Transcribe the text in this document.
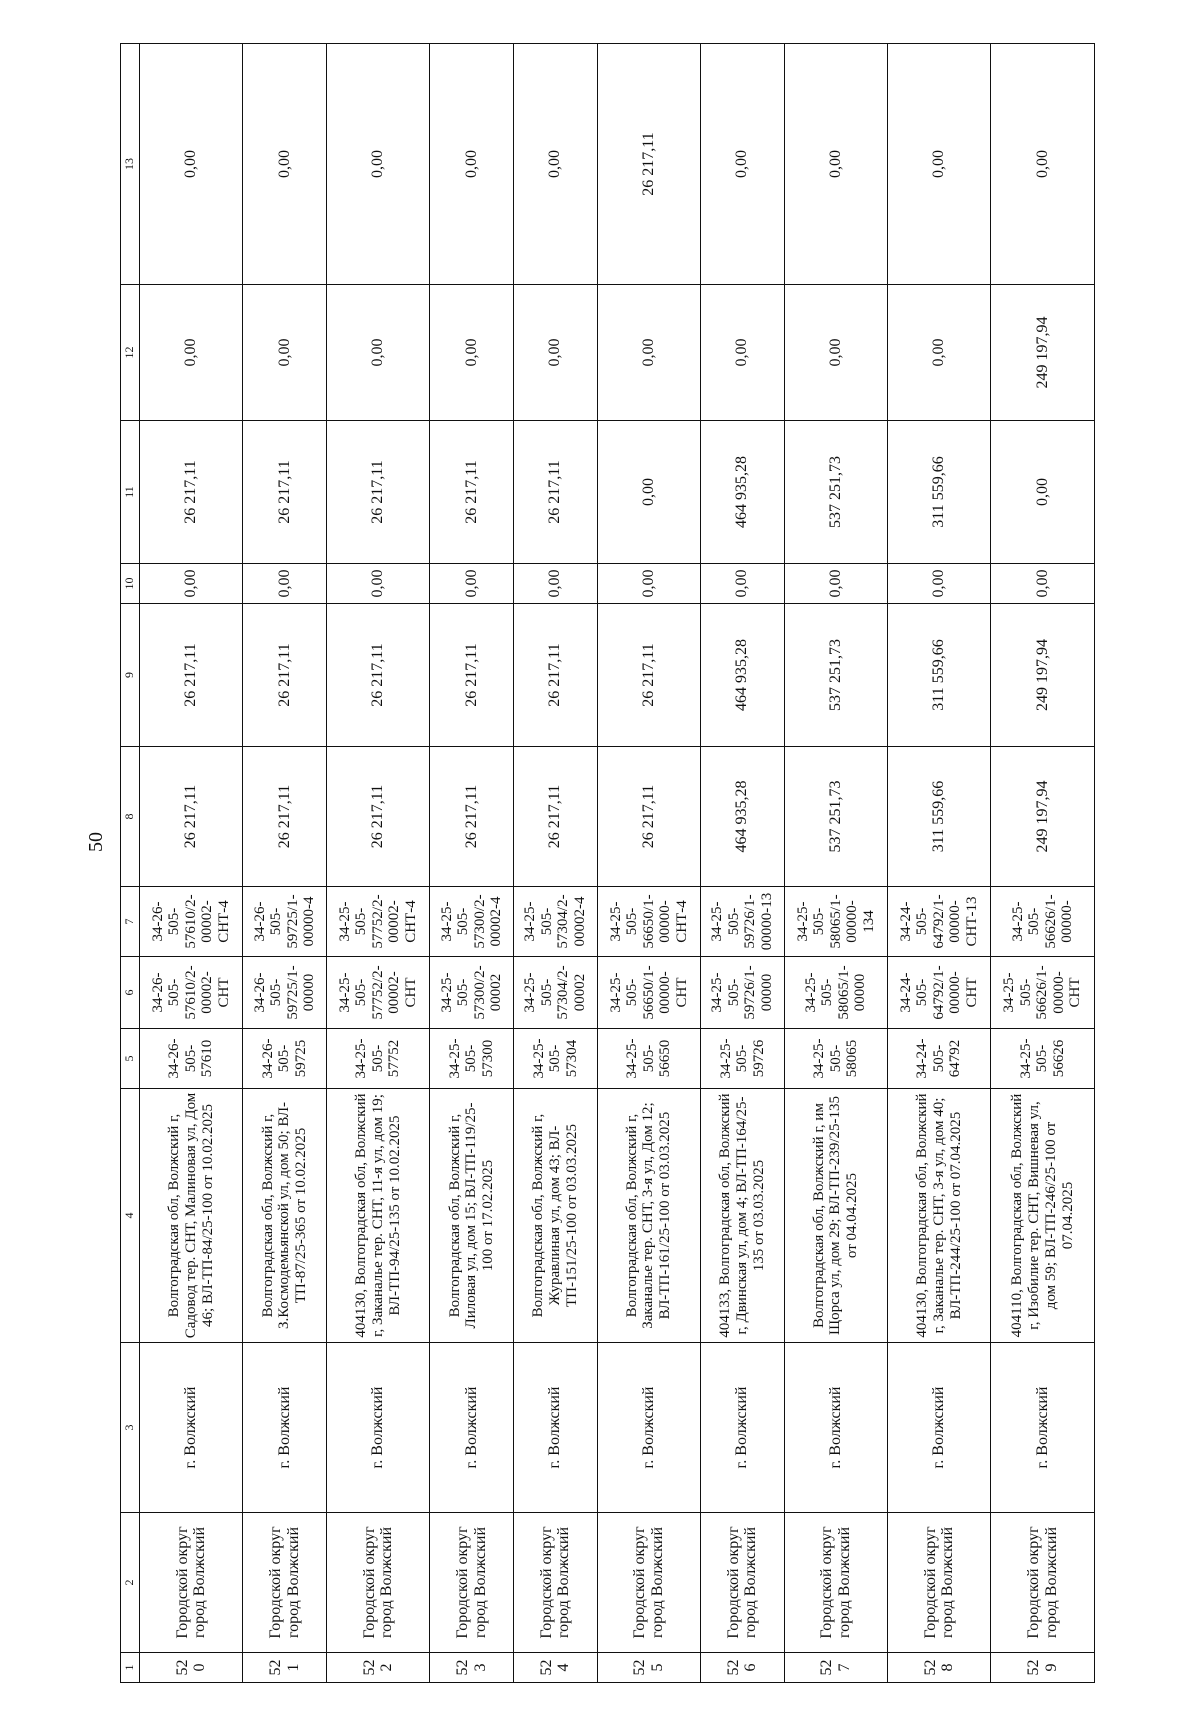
50
1	2	3	4	5	6	7	8	9	10	11	12	13
520	Городской округ город Волжский	г. Волжский	Волгоградская обл, Волжский г, Садовод тер. СНТ, Малиновая ул, Дом 46; ВЛ-ТП-84/25-100 от 10.02.2025	34-26-505-57610	34-26-505-57610/2-00002-СНТ	34-26-505-57610/2-00002-СНТ-4	26 217,11	26 217,11	0,00	26 217,11	0,00	0,00
521	Городской округ город Волжский	г. Волжский	Волгоградская обл, Волжский г, З.Космодемьянской ул, дом 50; ВЛ-ТП-87/25-365 от 10.02.2025	34-26-505-59725	34-26-505-59725/1-00000	34-26-505-59725/1-00000-4	26 217,11	26 217,11	0,00	26 217,11	0,00	0,00
522	Городской округ город Волжский	г. Волжский	404130, Волгоградская обл, Волжский г, Заканалье тер. СНТ, 11-я ул, дом 19; ВЛ-ТП-94/25-135 от 10.02.2025	34-25-505-57752	34-25-505-57752/2-00002-СНТ	34-25-505-57752/2-00002-СНТ-4	26 217,11	26 217,11	0,00	26 217,11	0,00	0,00
523	Городской округ город Волжский	г. Волжский	Волгоградская обл, Волжский г, Лиловая ул, дом 15; ВЛ-ТП-119/25-100 от 17.02.2025	34-25-505-57300	34-25-505-57300/2-00002	34-25-505-57300/2-00002-4	26 217,11	26 217,11	0,00	26 217,11	0,00	0,00
524	Городской округ город Волжский	г. Волжский	Волгоградская обл, Волжский г, Журавлиная ул, дом 43; ВЛ-ТП-151/25-100 от 03.03.2025	34-25-505-57304	34-25-505-57304/2-00002	34-25-505-57304/2-00002-4	26 217,11	26 217,11	0,00	26 217,11	0,00	0,00
525	Городской округ город Волжский	г. Волжский	Волгоградская обл, Волжский г, Заканалье тер. СНТ, 3-я ул, Дом 12; ВЛ-ТП-161/25-100 от 03.03.2025	34-25-505-56650	34-25-505-56650/1-00000-СНТ	34-25-505-56650/1-00000-СНТ-4	26 217,11	26 217,11	0,00	0,00	0,00	26 217,11
526	Городской округ город Волжский	г. Волжский	404133, Волгоградская обл, Волжский г, Двинская ул, дом 4; ВЛ-ТП-164/25-135 от 03.03.2025	34-25-505-59726	34-25-505-59726/1-00000	34-25-505-59726/1-00000-13	464 935,28	464 935,28	0,00	464 935,28	0,00	0,00
527	Городской округ город Волжский	г. Волжский	Волгоградская обл, Волжский г, им Щорса ул, дом 29; ВЛ-ТП-239/25-135 от 04.04.2025	34-25-505-58065	34-25-505-58065/1-00000	34-25-505-58065/1-00000-134	537 251,73	537 251,73	0,00	537 251,73	0,00	0,00
528	Городской округ город Волжский	г. Волжский	404130, Волгоградская обл, Волжский г, Заканалье тер. СНТ, 3-я ул, дом 40; ВЛ-ТП-244/25-100 от 07.04.2025	34-24-505-64792	34-24-505-64792/1-00000-СНТ	34-24-505-64792/1-00000-СНТ-13	311 559,66	311 559,66	0,00	311 559,66	0,00	0,00
529	Городской округ город Волжский	г. Волжский	404110, Волгоградская обл, Волжский г, Изобилие тер. СНТ, Вишневая ул, дом 59; ВЛ-ТП-246/25-100 от 07.04.2025	34-25-505-56626	34-25-505-56626/1-00000-СНТ	34-25-505-56626/1-00000-	249 197,94	249 197,94	0,00	0,00	249 197,94	0,00
